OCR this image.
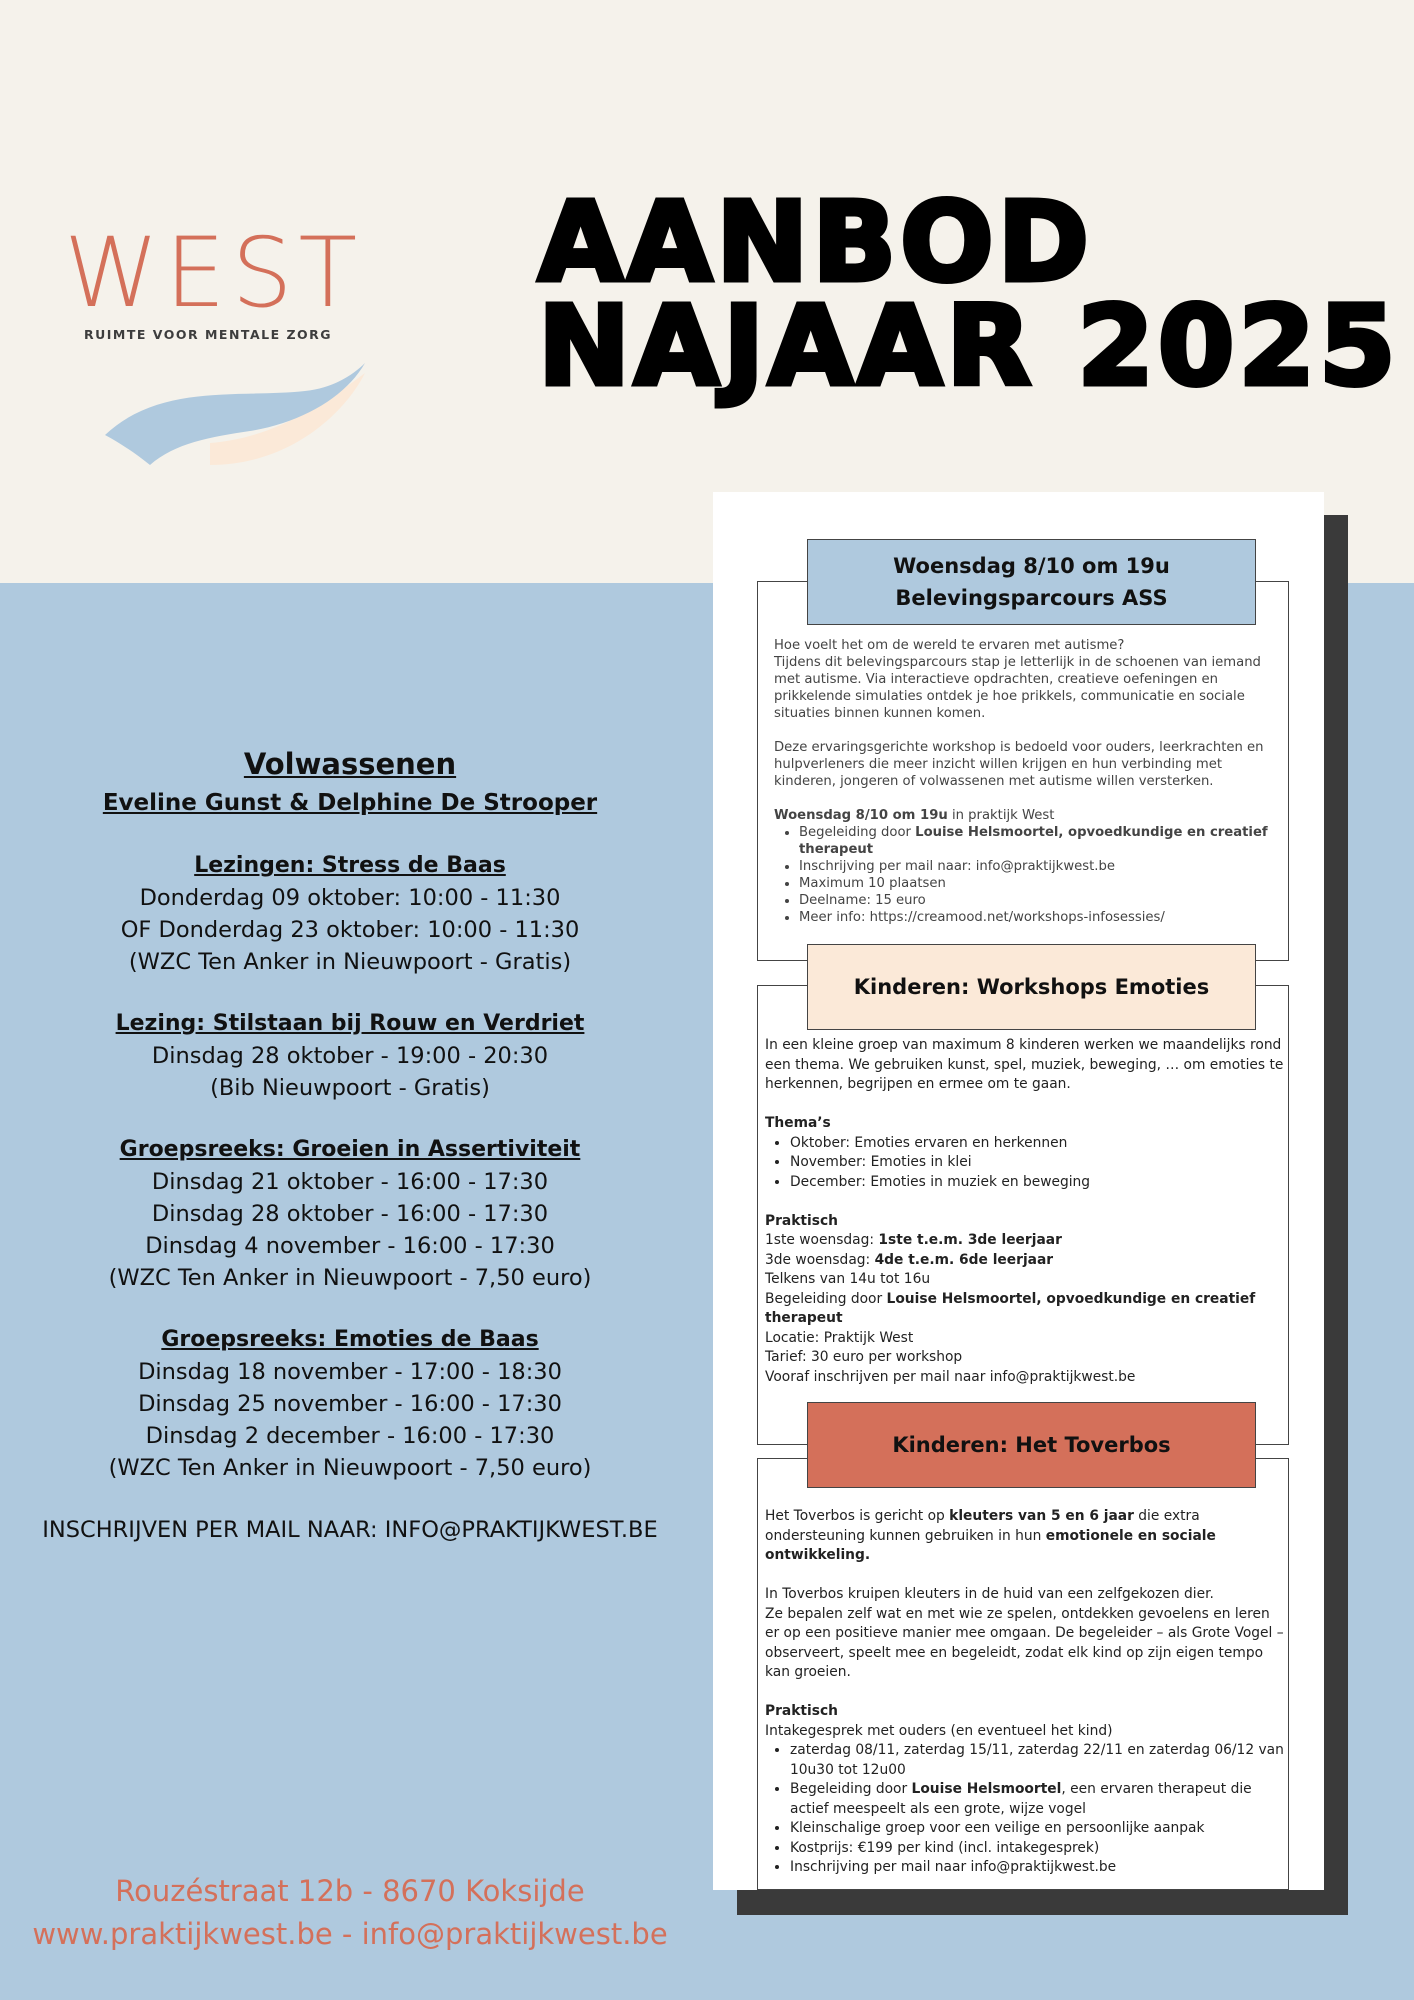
WEST
RUIMTE VOOR MENTALE ZORG
AANBOD
NAJAAR 2025
Volwassenen
Eveline Gunst & Delphine De Strooper
Lezingen: Stress de Baas
Donderdag 09 oktober: 10:00 - 11:30
OF Donderdag 23 oktober: 10:00 - 11:30
(WZC Ten Anker in Nieuwpoort - Gratis)
Lezing: Stilstaan bij Rouw en Verdriet
Dinsdag 28 oktober - 19:00 - 20:30
(Bib Nieuwpoort - Gratis)
Groepsreeks: Groeien in Assertiviteit
Dinsdag 21 oktober - 16:00 - 17:30
Dinsdag 28 oktober - 16:00 - 17:30
Dinsdag 4 november - 16:00 - 17:30
(WZC Ten Anker in Nieuwpoort - 7,50 euro)
Groepsreeks: Emoties de Baas
Dinsdag 18 november - 17:00 - 18:30
Dinsdag 25 november - 16:00 - 17:30
Dinsdag 2 december - 16:00 - 17:30
(WZC Ten Anker in Nieuwpoort - 7,50 euro)
INSCHRIJVEN PER MAIL NAAR: INFO@PRAKTIJKWEST.BE
Rouzéstraat 12b - 8670 Koksijde
www.praktijkwest.be - info@praktijkwest.be
Woensdag 8/10 om 19u
Belevingsparcours ASS

Hoe voelt het om de wereld te ervaren met autisme?

Tijdens dit belevingsparcours stap je letterlijk in de schoenen van iemand met autisme. Via interactieve opdrachten, creatieve oefeningen en prikkelende simulaties ontdek je hoe prikkels, communicatie en sociale situaties binnen kunnen komen.

Deze ervaringsgerichte workshop is bedoeld voor ouders, leerkrachten en hulpverleners die meer inzicht willen krijgen en hun verbinding met kinderen, jongeren of volwassenen met autisme willen versterken.

Woensdag 8/10 om 19u in praktijk West

• Begeleiding door Louise Helsmoortel, opvoedkundige en creatief therapeut
• Inschrijving per mail naar: info@praktijkwest.be
• Maximum 10 plaatsen
• Deelname: 15 euro
• Meer info: https://creamood.net/workshops-infosessies/
Kinderen: Workshops Emoties

In een kleine groep van maximum 8 kinderen werken we maandelijks rond een thema. We gebruiken kunst, spel, muziek, beweging, … om emoties te herkennen, begrijpen en ermee om te gaan.

Thema’s

• Oktober: Emoties ervaren en herkennen
• November: Emoties in klei
• December: Emoties in muziek en beweging

Praktisch

1ste woensdag: 1ste t.e.m. 3de leerjaar

3de woensdag: 4de t.e.m. 6de leerjaar

Telkens van 14u tot 16u

Begeleiding door Louise Helsmoortel, opvoedkundige en creatief therapeut

Locatie: Praktijk West

Tarief: 30 euro per workshop

Vooraf inschrijven per mail naar info@praktijkwest.be

Kinderen: Het Toverbos

Het Toverbos is gericht op kleuters van 5 en 6 jaar die extra ondersteuning kunnen gebruiken in hun emotionele en sociale ontwikkeling.

In Toverbos kruipen kleuters in de huid van een zelfgekozen dier.

Ze bepalen zelf wat en met wie ze spelen, ontdekken gevoelens en leren er op een positieve manier mee omgaan. De begeleider – als Grote Vogel – observeert, speelt mee en begeleidt, zodat elk kind op zijn eigen tempo kan groeien.

Praktisch

Intakegesprek met ouders (en eventueel het kind)

• zaterdag 08/11, zaterdag 15/11, zaterdag 22/11 en zaterdag 06/12 van 10u30 tot 12u00
• Begeleiding door Louise Helsmoortel, een ervaren therapeut die actief meespeelt als een grote, wijze vogel
• Kleinschalige groep voor een veilige en persoonlijke aanpak
• Kostprijs: €199 per kind (incl. intakegesprek)
• Inschrijving per mail naar info@praktijkwest.be
